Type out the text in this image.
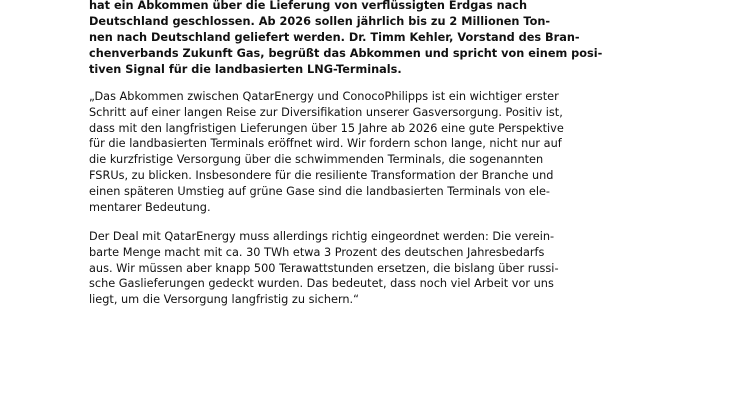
hat ein Abkommen über die Lieferung von verflüssigten Erdgas nach
Deutschland geschlossen. Ab 2026 sollen jährlich bis zu 2 Millionen Ton-
nen nach Deutschland geliefert werden. Dr. Timm Kehler, Vorstand des Bran-
chenverbands Zukunft Gas, begrüßt das Abkommen und spricht von einem posi-
tiven Signal für die landbasierten LNG-Terminals.
„Das Abkommen zwischen QatarEnergy und ConocoPhilipps ist ein wichtiger erster
Schritt auf einer langen Reise zur Diversifikation unserer Gasversorgung. Positiv ist,
dass mit den langfristigen Lieferungen über 15 Jahre ab 2026 eine gute Perspektive
für die landbasierten Terminals eröffnet wird. Wir fordern schon lange, nicht nur auf
die kurzfristige Versorgung über die schwimmenden Terminals, die sogenannten
FSRUs, zu blicken. Insbesondere für die resiliente Transformation der Branche und
einen späteren Umstieg auf grüne Gase sind die landbasierten Terminals von ele-
mentarer Bedeutung.
Der Deal mit QatarEnergy muss allerdings richtig eingeordnet werden: Die verein-
barte Menge macht mit ca. 30 TWh etwa 3 Prozent des deutschen Jahresbedarfs
aus. Wir müssen aber knapp 500 Terawattstunden ersetzen, die bislang über russi-
sche Gaslieferungen gedeckt wurden. Das bedeutet, dass noch viel Arbeit vor uns
liegt, um die Versorgung langfristig zu sichern.“
